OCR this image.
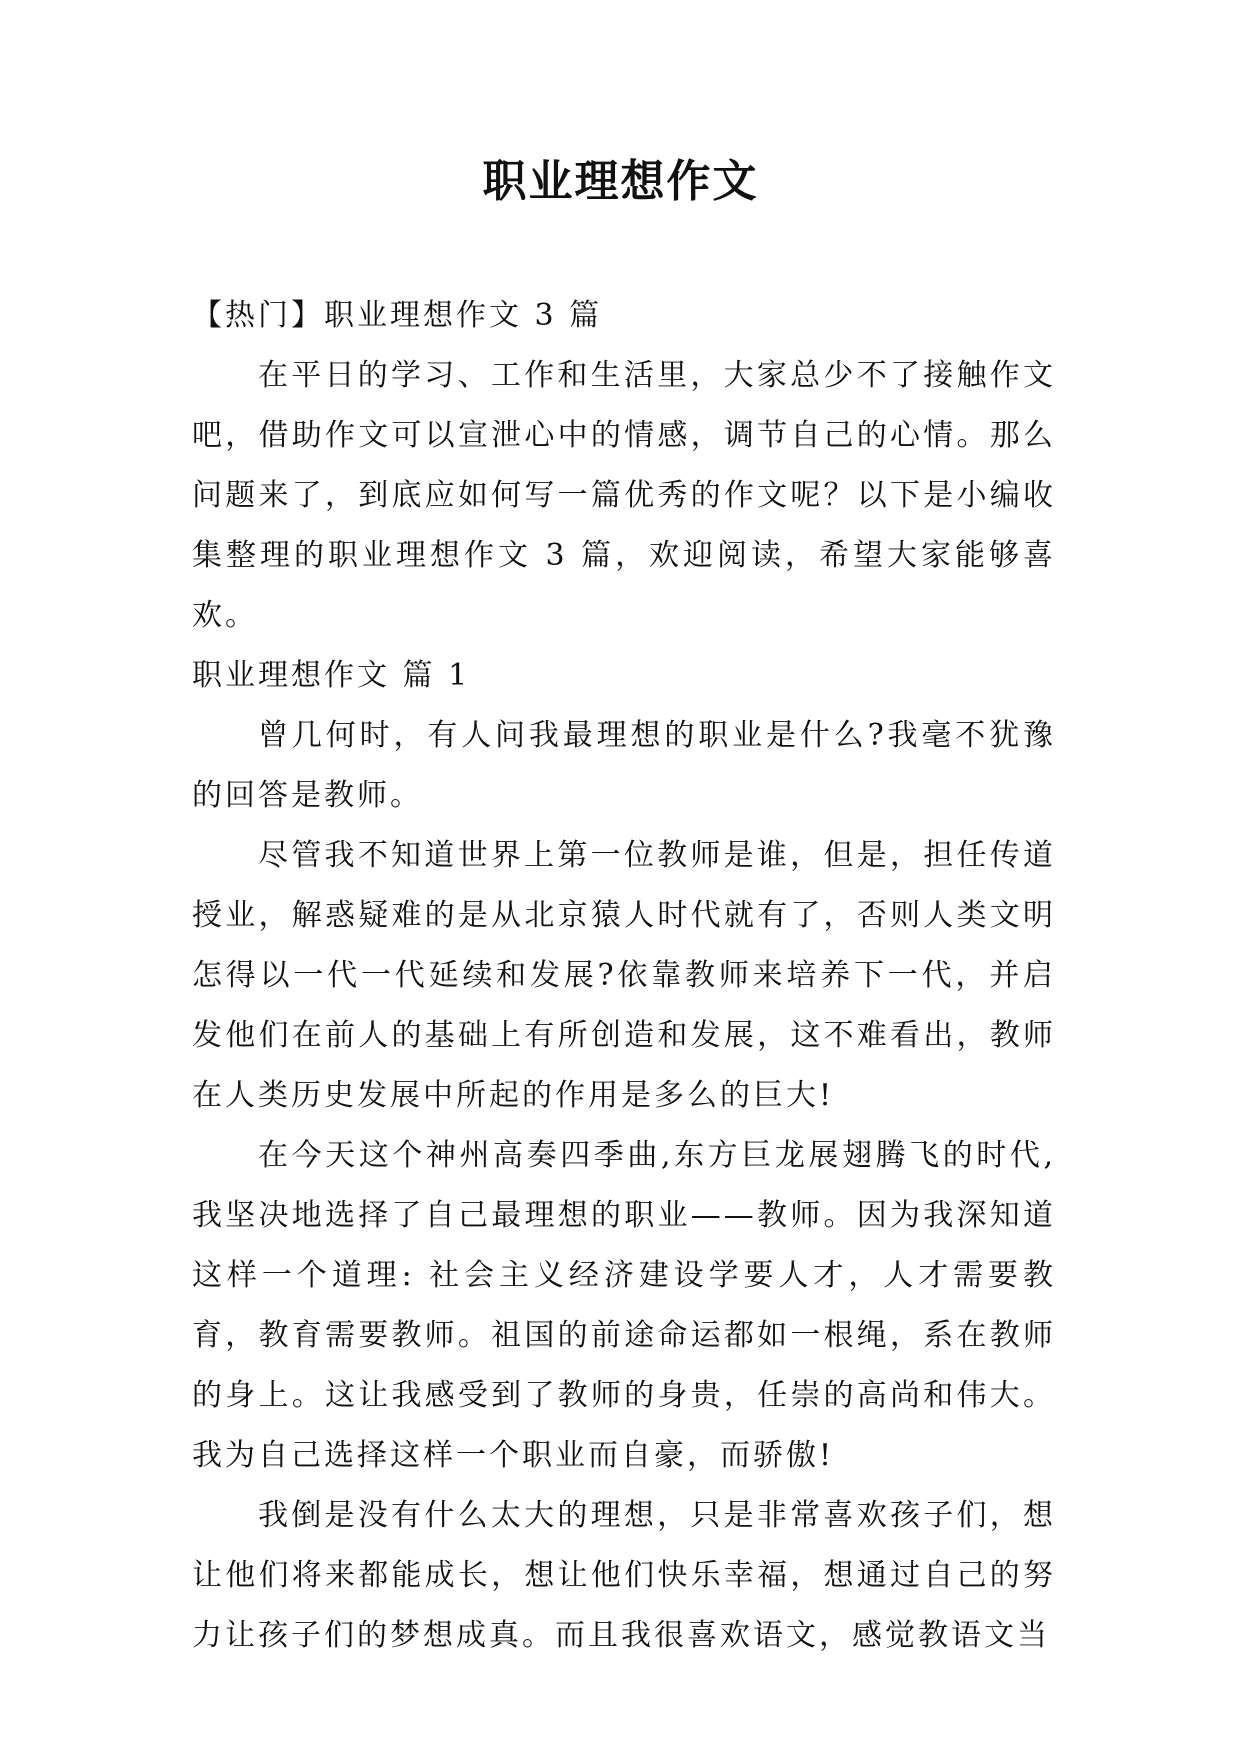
职业理想作文

【热门】职业理想作文 3 篇

在平日的学习、工作和生活里，大家总少不了接触作文吧，借助作文可以宣泄心中的情感，调节自己的心情。那么问题来了，到底应如何写一篇优秀的作文呢？以下是小编收集整理的职业理想作文 3 篇，欢迎阅读，希望大家能够喜欢。

职业理想作文 篇 1

曾几何时，有人问我最理想的职业是什么?我毫不犹豫的回答是教师。

尽管我不知道世界上第一位教师是谁，但是，担任传道授业，解惑疑难的是从北京猿人时代就有了，否则人类文明怎得以一代一代延续和发展?依靠教师来培养下一代，并启发他们在前人的基础上有所创造和发展，这不难看出，教师在人类历史发展中所起的作用是多么的巨大!

在今天这个神州高奏四季曲,东方巨龙展翅腾飞的时代,我坚决地选择了自己最理想的职业——教师。因为我深知道这样一个道理: 社会主义经济建设学要人才，人才需要教育，教育需要教师。祖国的前途命运都如一根绳，系在教师的身上。这让我感受到了教师的身贵，任崇的高尚和伟大。我为自己选择这样一个职业而自豪，而骄傲!

我倒是没有什么太大的理想，只是非常喜欢孩子们，想让他们将来都能成长，想让他们快乐幸福，想通过自己的努力让孩子们的梦想成真。而且我很喜欢语文，感觉教语文当
